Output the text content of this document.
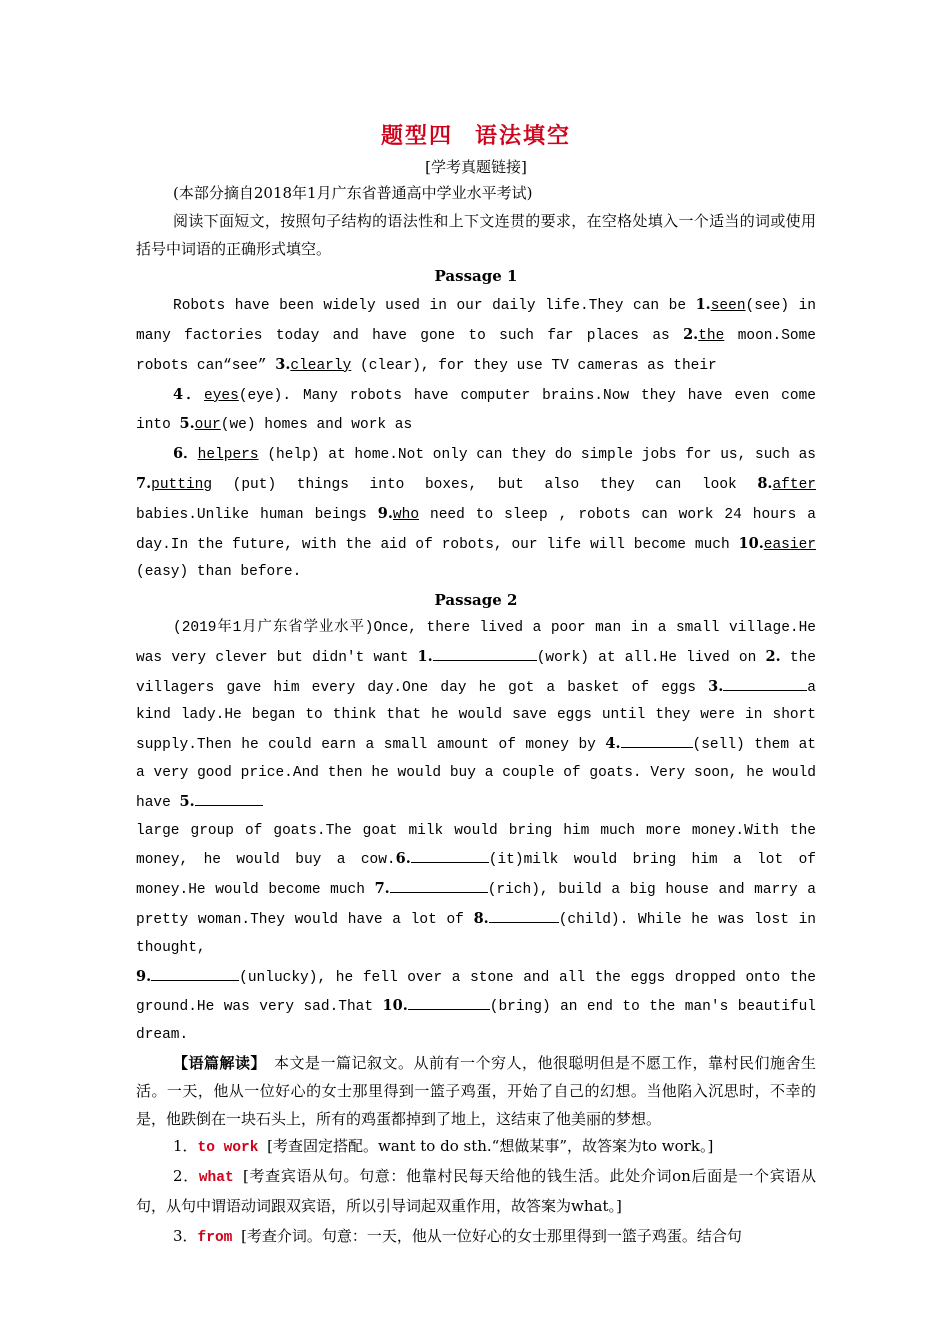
题型四 语法填空
[学考真题链接]

(本部分摘自2018年1月广东省普通高中学业水平考试)

阅读下面短文，按照句子结构的语法性和上下文连贯的要求，在空格处填入一个适当的词或使用括号中词语的正确形式填空。

Passage 1

Robots have been widely used in our daily life.They can be 1.seen(see) in many factories today and have gone to such far places as 2.the moon.Some robots can“see” 3.clearly (clear), for they use TV cameras as their

4．eyes(eye). Many robots have computer brains.Now they have even come into 5.our(we) homes and work as

6．helpers (help) at home.Not only can they do simple jobs for us, such as 7.putting (put) things into boxes, but also they can look 8.after babies.Unlike human beings 9.who need to sleep , robots can work 24 hours a day.In the future, with the aid of robots, our life will become much 10.easier (easy) than before.

Passage 2

(2019年1月广东省学业水平)Once, there lived a poor man in a small village.He was very clever but didn't want 1.	(work) at all.He lived on 2. the villagers gave him every day.One day he got a basket of eggs 3.	a kind lady.He began to think that he would save eggs until they were in short supply.Then he could earn a small amount of money by 4.	(sell) them at a very good price.And then he would buy a couple of goats. Very soon, he would have 5.

large group of goats.The goat milk would bring him much more money.With the money, he would buy a cow.6.	(it)milk would bring him a lot of money.He would become much 7.	(rich), build a big house and marry a pretty woman.They would have a lot of 8.	(child). While he was lost in thought,

9.	(unlucky), he fell over a stone and all the eggs dropped onto the ground.He was very sad.That 10.	(bring) an end to the man's beautiful dream.

【语篇解读】　 本文是一篇记叙文。从前有一个穷人，他很聪明但是不愿工作，靠村民们施舍生活。一天，他从一位好心的女士那里得到一篮子鸡蛋，开始了自己的幻想。当他陷入沉思时，不幸的是，他跌倒在一块石头上，所有的鸡蛋都掉到了地上，这结束了他美丽的梦想。

1．to work [考查固定搭配。want to do sth.“想做某事”，故答案为to work。]

2．what [考查宾语从句。句意：他靠村民每天给他的钱生活。此处介词on后面是一个宾语从句，从句中谓语动词跟双宾语，所以引导词起双重作用，故答案为what。]

3．from [考查介词。句意：一天，他从一位好心的女士那里得到一篮子鸡蛋。结合句
